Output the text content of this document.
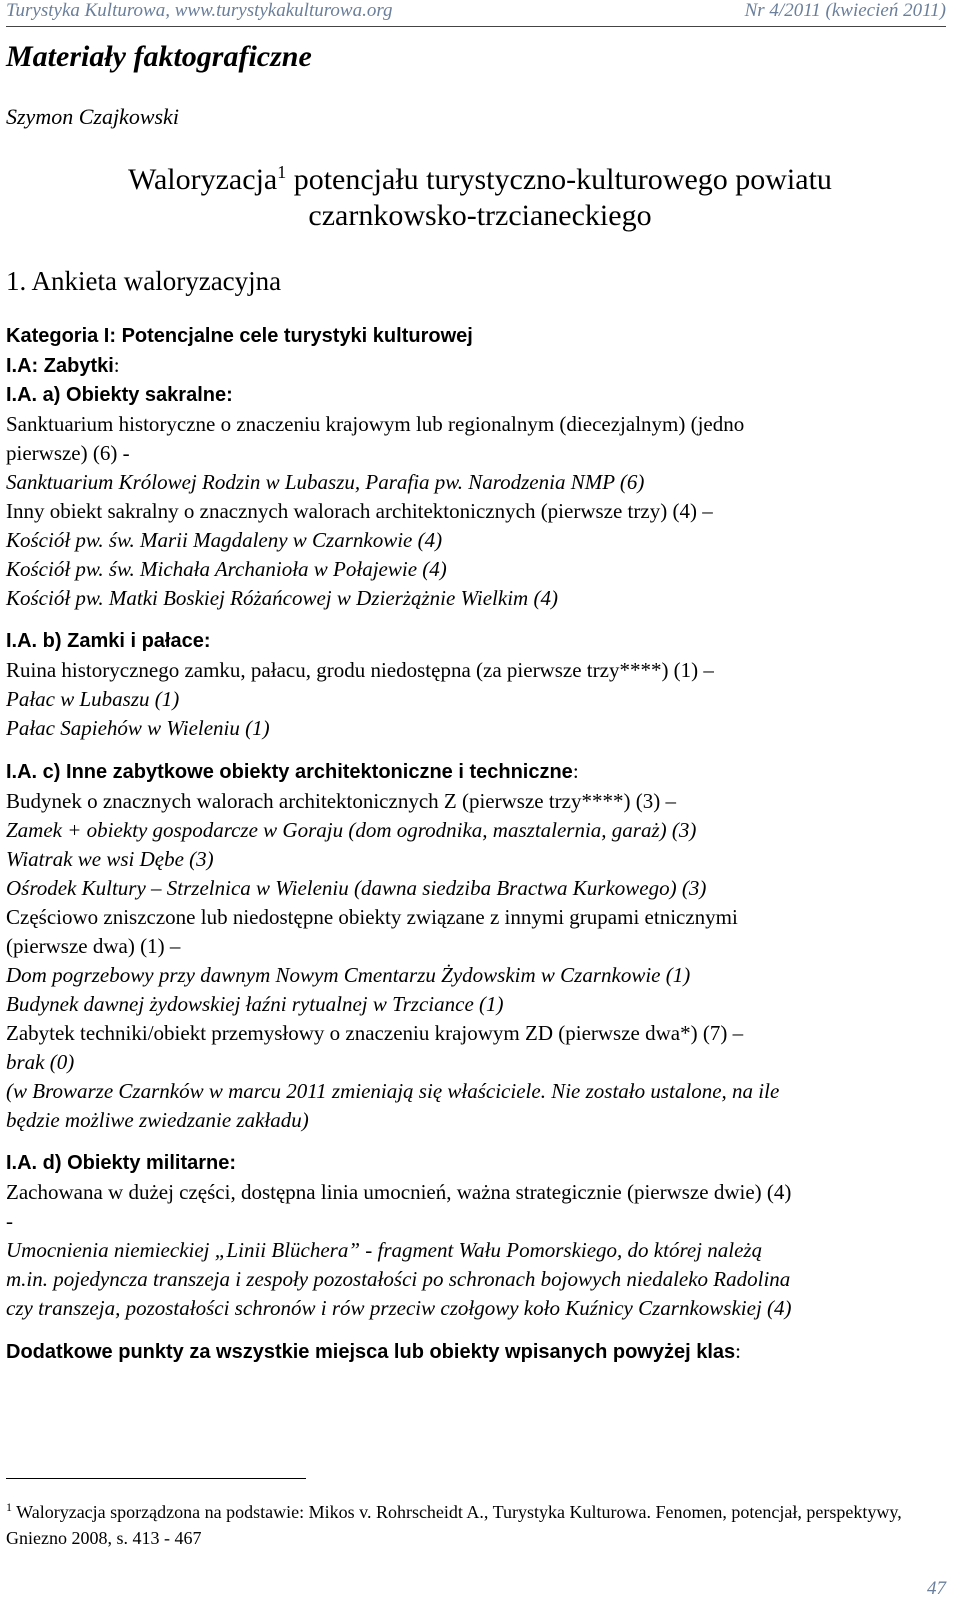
Turystyka Kulturowa, www.turystykakulturowa.org	Nr 4/2011 (kwiecień 2011)
Materiały faktograficzne
Szymon Czajkowski
Waloryzacja$^1$ potencjału turystyczno-kulturowego powiatu
czarnkowsko-trzcianeckiego
1. Ankieta waloryzacyjna
Kategoria I: Potencjalne cele turystyki kulturowej
I.A: Zabytki:
I.A. a) Obiekty sakralne:
Sanktuarium historyczne o znaczeniu krajowym lub regionalnym (diecezjalnym) (jedno
pierwsze) (6) -
Sanktuarium Królowej Rodzin w Lubaszu, Parafia pw. Narodzenia NMP (6)
Inny obiekt sakralny o znacznych walorach architektonicznych (pierwsze trzy) (4) –
Kościół pw. św. Marii Magdaleny w Czarnkowie (4)
Kościół pw. św. Michała Archanioła w Połajewie (4)
Kościół pw. Matki Boskiej Różańcowej w Dzierżążnie Wielkim (4)
I.A. b) Zamki i pałace:
Ruina historycznego zamku, pałacu, grodu niedostępna (za pierwsze trzy****) (1) –
Pałac w Lubaszu (1)
Pałac Sapiehów w Wieleniu (1)
I.A. c) Inne zabytkowe obiekty architektoniczne i techniczne:
Budynek o znacznych walorach architektonicznych Z (pierwsze trzy****) (3) –
Zamek + obiekty gospodarcze w Goraju (dom ogrodnika, masztalernia, garaż) (3)
Wiatrak we wsi Dębe (3)
Ośrodek Kultury – Strzelnica w Wieleniu (dawna siedziba Bractwa Kurkowego) (3)
Częściowo zniszczone lub niedostępne obiekty związane z innymi grupami etnicznymi
(pierwsze dwa) (1) –
Dom pogrzebowy przy dawnym Nowym Cmentarzu Żydowskim w Czarnkowie (1)
Budynek dawnej żydowskiej łaźni rytualnej w Trzciance (1)
Zabytek techniki/obiekt przemysłowy o znaczeniu krajowym ZD (pierwsze dwa*) (7) –
brak (0)
(w Browarze Czarnków w marcu 2011 zmieniają się właściciele. Nie zostało ustalone, na ile
będzie możliwe zwiedzanie zakładu)
I.A. d) Obiekty militarne:
Zachowana w dużej części, dostępna linia umocnień, ważna strategicznie (pierwsze dwie) (4)
-
Umocnienia niemieckiej „Linii Blüchera” - fragment Wału Pomorskiego, do której należą
m.in. pojedyncza transzeja i zespoły pozostałości po schronach bojowych niedaleko Radolina
czy transzeja, pozostałości schronów i rów przeciw czołgowy koło Kuźnicy Czarnkowskiej (4)
Dodatkowe punkty za wszystkie miejsca lub obiekty wpisanych powyżej klas:
$^1$ Waloryzacja sporządzona na podstawie: Mikos v. Rohrscheidt A., Turystyka Kulturowa. Fenomen, potencjał, perspektywy, Gniezno 2008, s. 413 - 467
47
